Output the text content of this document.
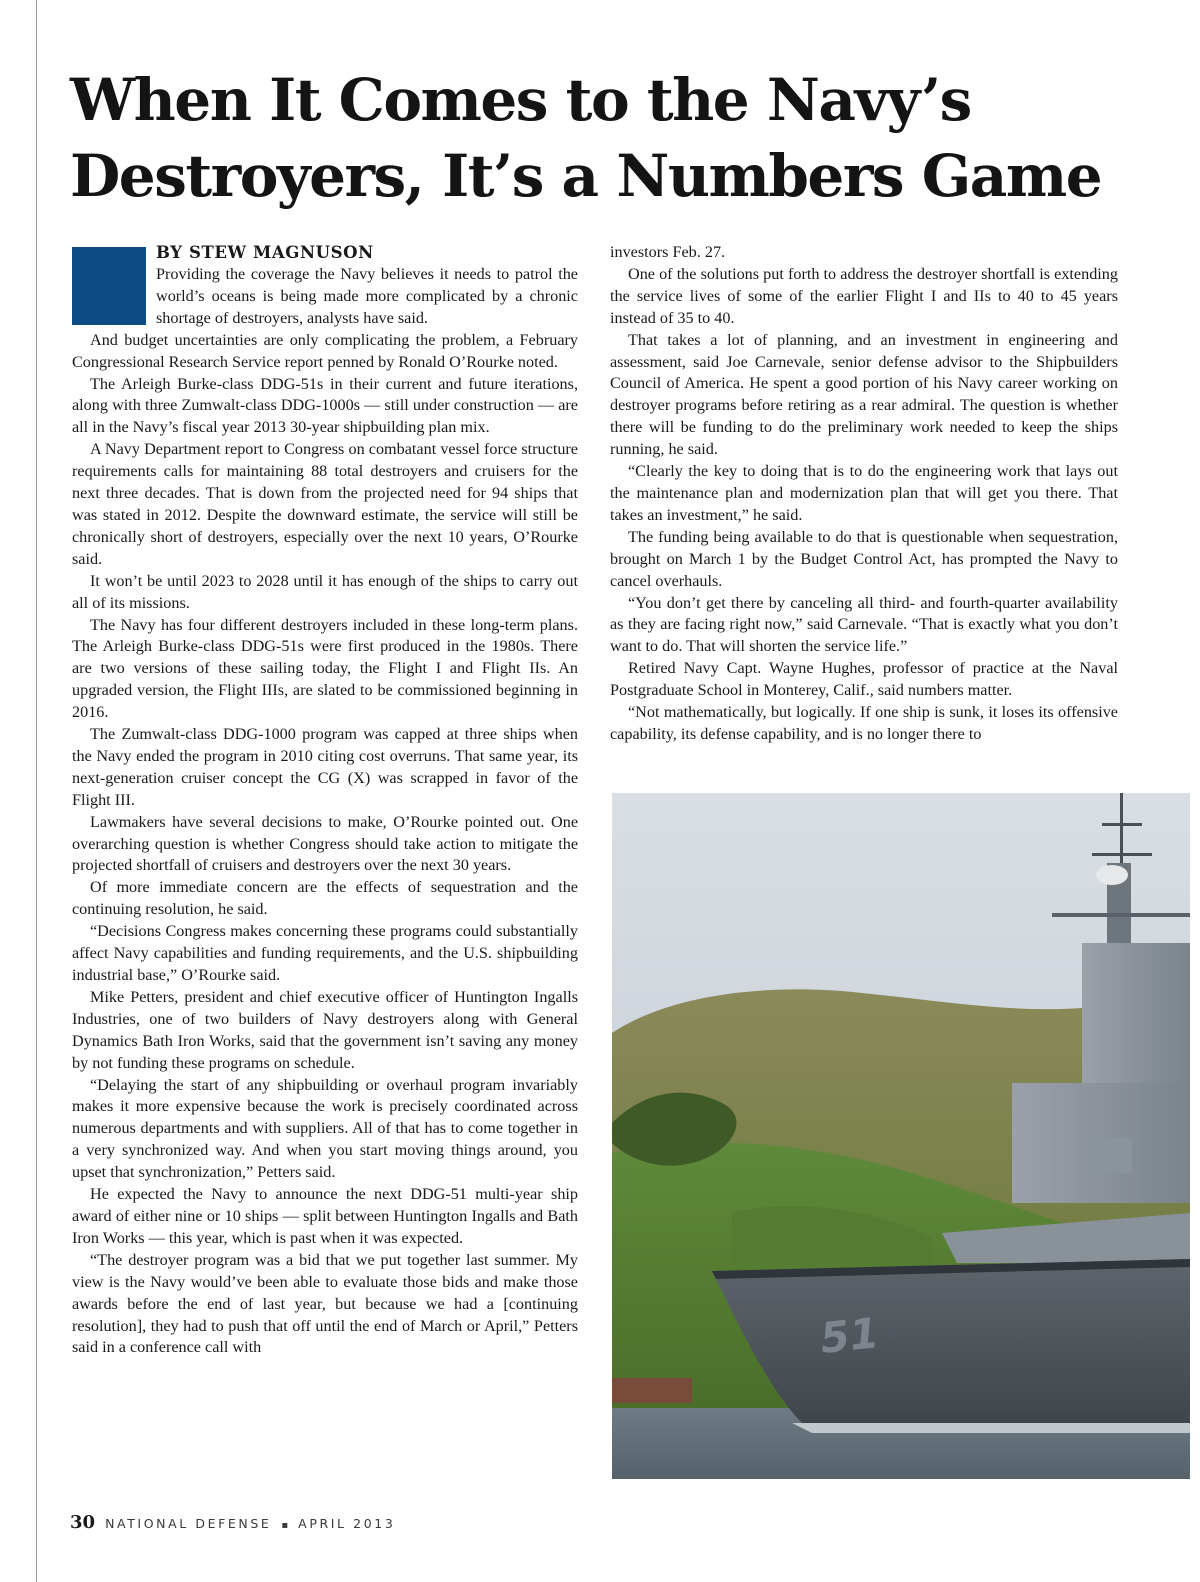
When It Comes to the Navy’s
Destroyers, It’s a Numbers Game
BY STEW MAGNUSON

Providing the coverage the Navy believes it needs to patrol the world’s oceans is being made more complicated by a chronic shortage of destroyers, analysts have said.

And budget uncertainties are only complicating the problem, a February Congressional Research Service report penned by Ronald O’Rourke noted.

The Arleigh Burke-class DDG-51s in their current and future iterations, along with three Zumwalt-class DDG-1000s — still under construction — are all in the Navy’s fiscal year 2013 30-year shipbuilding plan mix.

A Navy Department report to Congress on combatant vessel force structure requirements calls for maintaining 88 total destroyers and cruisers for the next three decades. That is down from the projected need for 94 ships that was stated in 2012. Despite the downward estimate, the service will still be chronically short of destroyers, especially over the next 10 years, O’Rourke said.

It won’t be until 2023 to 2028 until it has enough of the ships to carry out all of its missions.

The Navy has four different destroyers included in these long-term plans. The Arleigh Burke-class DDG-51s were first produced in the 1980s. There are two versions of these sailing today, the Flight I and Flight IIs. An upgraded version, the Flight IIIs, are slated to be commissioned beginning in 2016.

The Zumwalt-class DDG-1000 program was capped at three ships when the Navy ended the program in 2010 citing cost overruns. That same year, its next-generation cruiser concept the CG (X) was scrapped in favor of the Flight III.

Lawmakers have several decisions to make, O’Rourke pointed out. One overarching question is whether Congress should take action to mitigate the projected shortfall of cruisers and destroyers over the next 30 years.

Of more immediate concern are the effects of sequestration and the continuing resolution, he said.

“Decisions Congress makes concerning these programs could substantially affect Navy capabilities and funding requirements, and the U.S. shipbuilding industrial base,” O’Rourke said.

Mike Petters, president and chief executive officer of Huntington Ingalls Industries, one of two builders of Navy destroyers along with General Dynamics Bath Iron Works, said that the government isn’t saving any money by not funding these programs on schedule.

“Delaying the start of any shipbuilding or overhaul program invariably makes it more expensive because the work is precisely coordinated across numerous departments and with suppliers. All of that has to come together in a very synchronized way. And when you start moving things around, you upset that synchronization,” Petters said.

He expected the Navy to announce the next DDG-51 multi-year ship award of either nine or 10 ships — split between Huntington Ingalls and Bath Iron Works — this year, which is past when it was expected.

“The destroyer program was a bid that we put together last summer. My view is the Navy would’ve been able to evaluate those bids and make those awards before the end of last year, but because we had a [continuing resolution], they had to push that off until the end of March or April,” Petters said in a conference call with

investors Feb. 27.

One of the solutions put forth to address the destroyer shortfall is extending the service lives of some of the earlier Flight I and IIs to 40 to 45 years instead of 35 to 40.

That takes a lot of planning, and an investment in engineering and assessment, said Joe Carnevale, senior defense advisor to the Shipbuilders Council of America. He spent a good portion of his Navy career working on destroyer programs before retiring as a rear admiral. The question is whether there will be funding to do the preliminary work needed to keep the ships running, he said.

“Clearly the key to doing that is to do the engineering work that lays out the maintenance plan and modernization plan that will get you there. That takes an investment,” he said.

The funding being available to do that is questionable when sequestration, brought on March 1 by the Budget Control Act, has prompted the Navy to cancel overhauls.

“You don’t get there by canceling all third- and fourth-quarter availability as they are facing right now,” said Carnevale. “That is exactly what you don’t want to do. That will shorten the service life.”

Retired Navy Capt. Wayne Hughes, professor of practice at the Naval Postgraduate School in Monterey, Calif., said numbers matter.

“Not mathematically, but logically. If one ship is sunk, it loses its offensive capability, its defense capability, and is no longer there to

51
30 NATIONAL DEFENSE ▪ APRIL 2013
